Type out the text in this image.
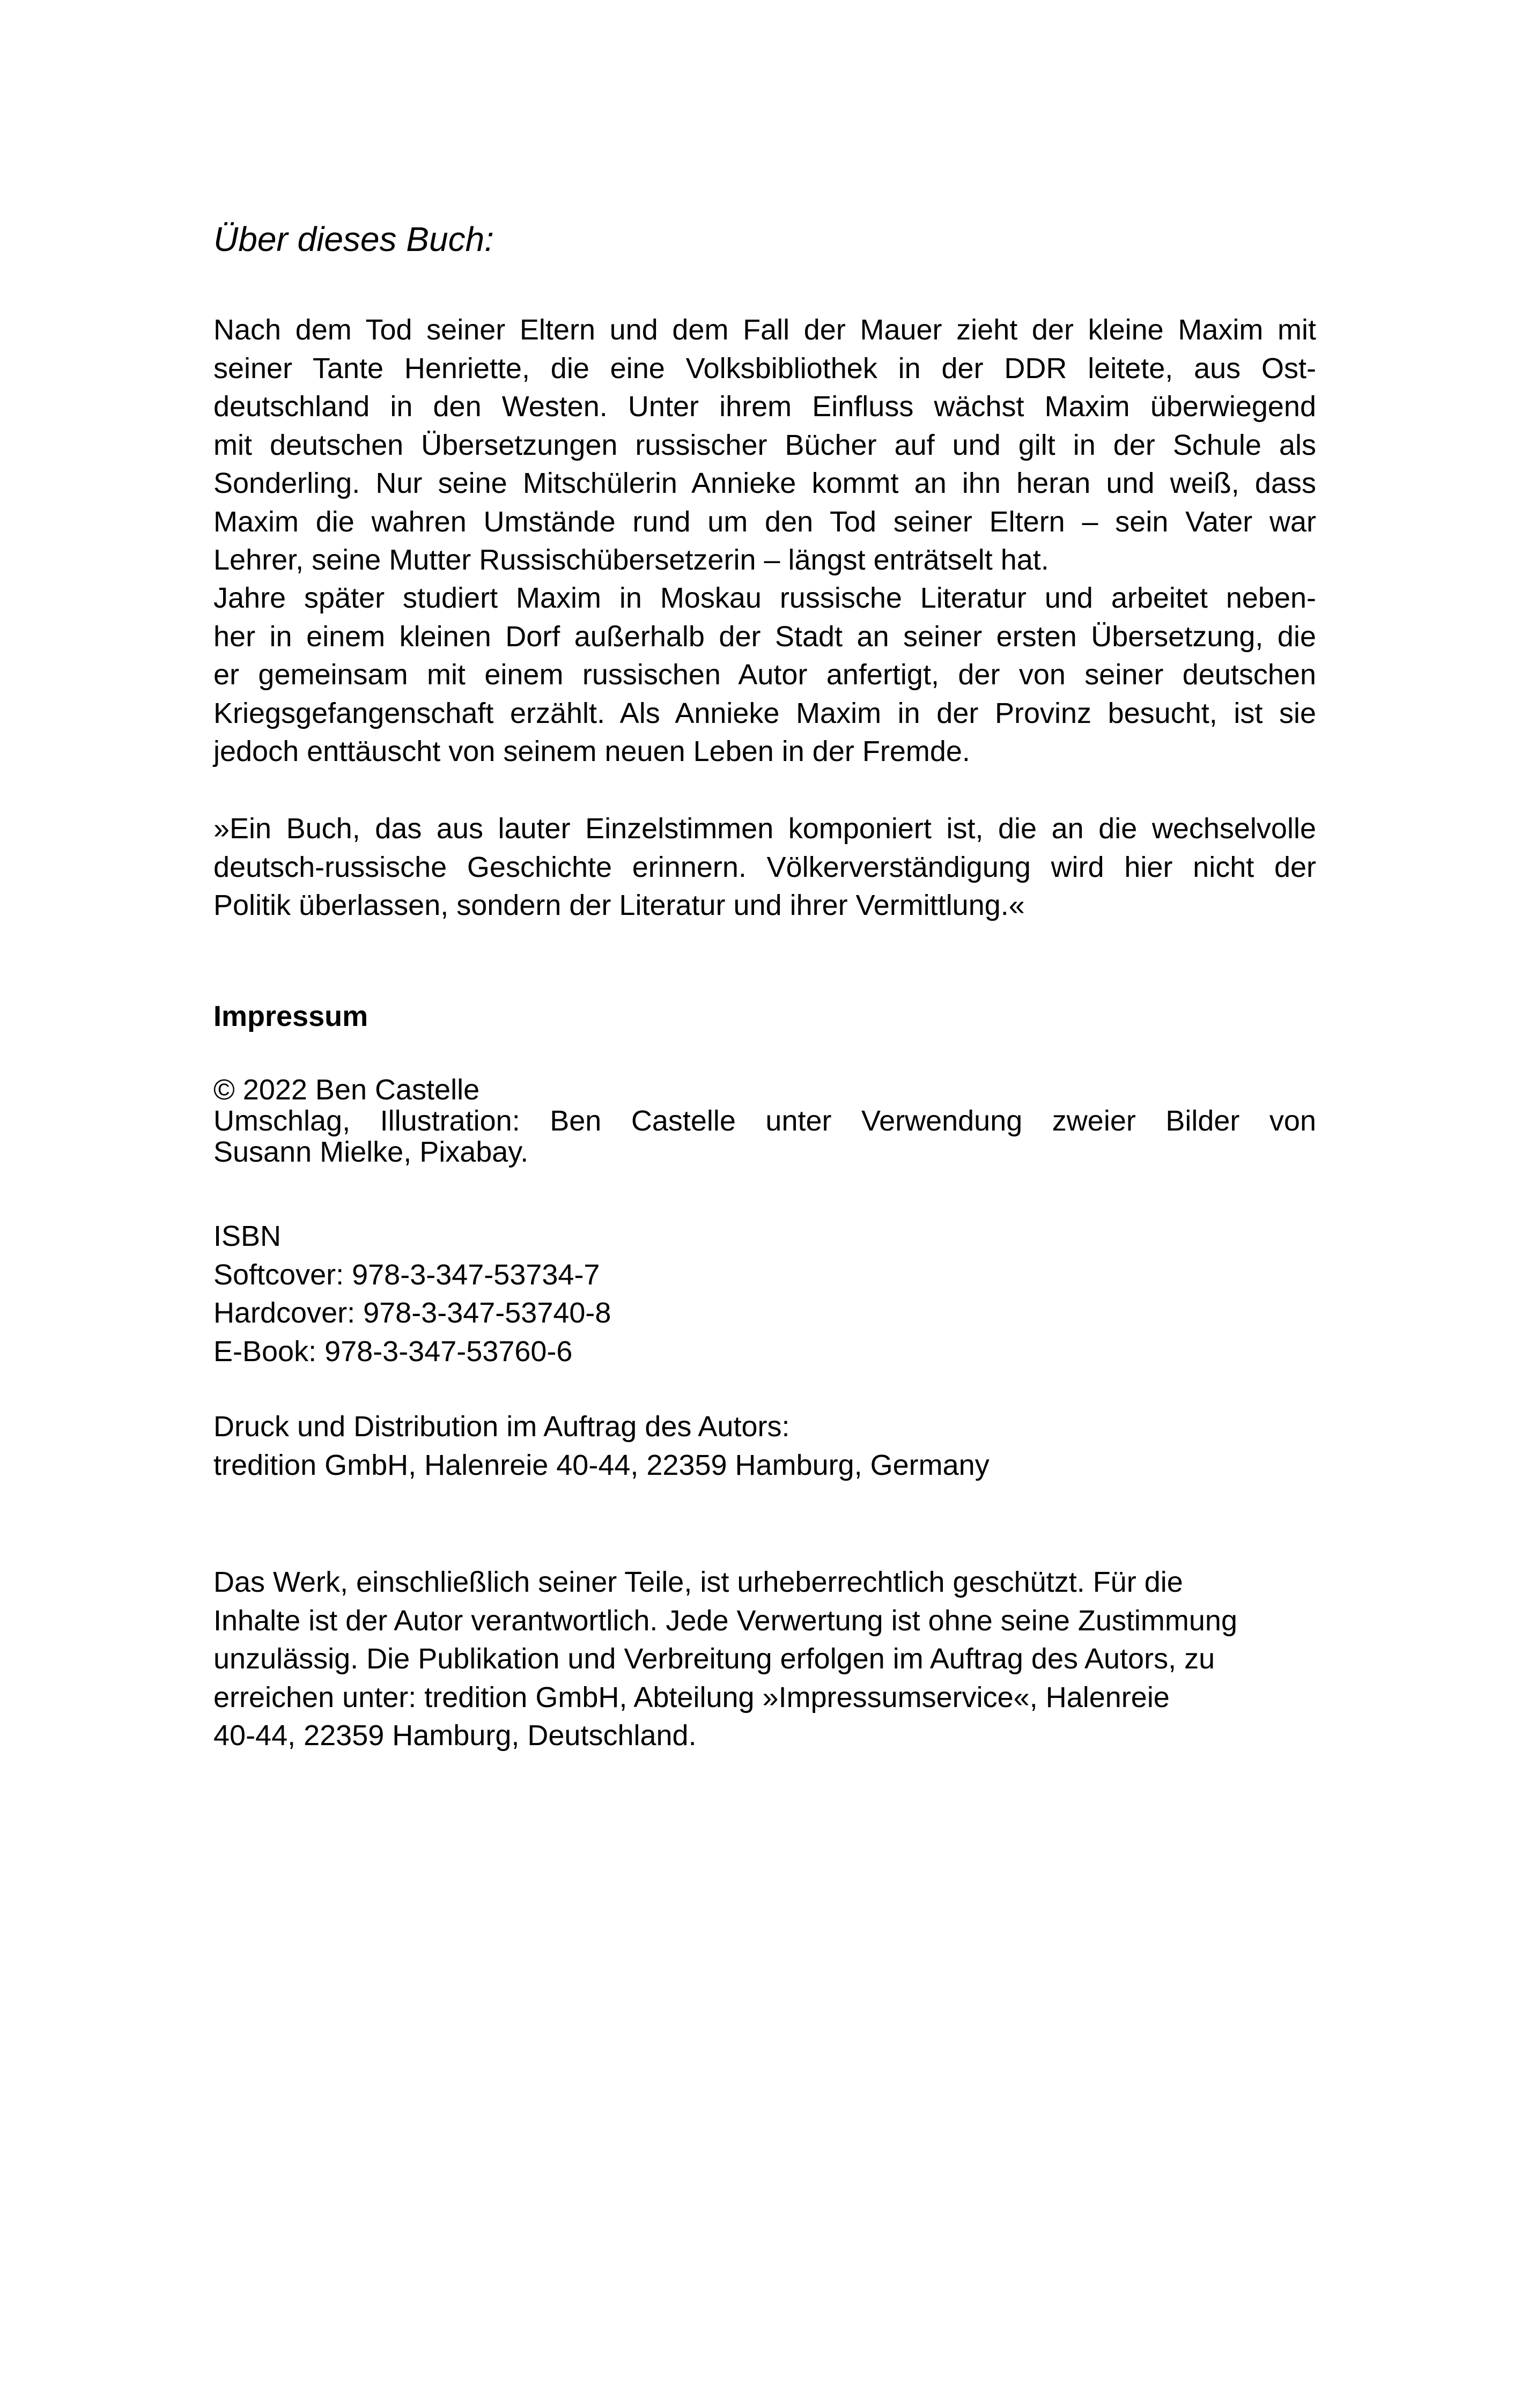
Über dieses Buch:

Nach dem Tod seiner Eltern und dem Fall der Mauer zieht der kleine Maxim mit
seiner Tante Henriette, die eine Volksbibliothek in der DDR leitete, aus Ost-
deutschland in den Westen. Unter ihrem Einfluss wächst Maxim überwiegend
mit deutschen Übersetzungen russischer Bücher auf und gilt in der Schule als
Sonderling. Nur seine Mitschülerin Annieke kommt an ihn heran und weiß, dass
Maxim die wahren Umstände rund um den Tod seiner Eltern – sein Vater war
Lehrer, seine Mutter Russischübersetzerin – längst enträtselt hat.
Jahre später studiert Maxim in Moskau russische Literatur und arbeitet neben-
her in einem kleinen Dorf außerhalb der Stadt an seiner ersten Übersetzung, die
er gemeinsam mit einem russischen Autor anfertigt, der von seiner deutschen
Kriegsgefangenschaft erzählt. Als Annieke Maxim in der Provinz besucht, ist sie
jedoch enttäuscht von seinem neuen Leben in der Fremde.
»Ein Buch, das aus lauter Einzelstimmen komponiert ist, die an die wechselvolle
deutsch-russische Geschichte erinnern. Völkerverständigung wird hier nicht der
Politik überlassen, sondern der Literatur und ihrer Vermittlung.«
Impressum
© 2022 Ben Castelle
Umschlag, Illustration: Ben Castelle unter Verwendung zweier Bilder von
Susann Mielke, Pixabay.
ISBN
Softcover: 978-3-347-53734-7
Hardcover: 978-3-347-53740-8
E-Book: 978-3-347-53760-6
Druck und Distribution im Auftrag des Autors:
tredition GmbH, Halenreie 40-44, 22359 Hamburg, Germany
Das Werk, einschließlich seiner Teile, ist urheberrechtlich geschützt. Für die
Inhalte ist der Autor verantwortlich. Jede Verwertung ist ohne seine Zustimmung
unzulässig. Die Publikation und Verbreitung erfolgen im Auftrag des Autors, zu
erreichen unter: tredition GmbH, Abteilung »Impressumservice«, Halenreie
40-44, 22359 Hamburg, Deutschland.
